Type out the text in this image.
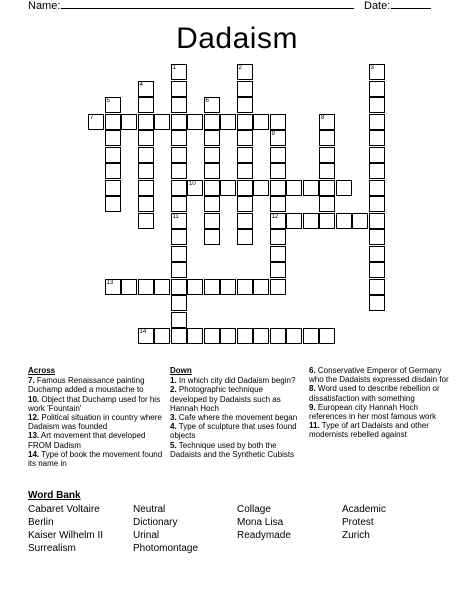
Name:	Date:
Dadaism
1	2	3
4
5	6
7	8
9
12
10
11
13
14
Across
7. Famous Renaissance painting Duchamp added a moustache to
10. Object that Duchamp used for his work 'Fountain'
12. Political situation in country where Dadaism was founded
13. Art movement that developed FROM Dadism
14. Type of book the movement found its name in
Down
1. In which city did Dadaism begin?
2. Photographic technique developed by Dadaists such as Hannah Hoch
3. Cafe where the movement began
4. Type of sculpture that uses found objects
5. Technique used by both the Dadaists and the Synthetic Cubists
6. Conservative Emperor of Germany who the Dadaists expressed disdain for
8. Word used to describe rebellion or dissatisfaction with something
9. European city Hannah Hoch references in her most famous work
11. Type of art Dadaists and other modernists rebelled against
Word Bank
Cabaret Voltaire	Neutral	Collage	Academic
Berlin	Dictionary	Mona Lisa	Protest
Kaiser Wilhelm II	Urinal	Readymade	Zurich
Surrealism	Photomontage
